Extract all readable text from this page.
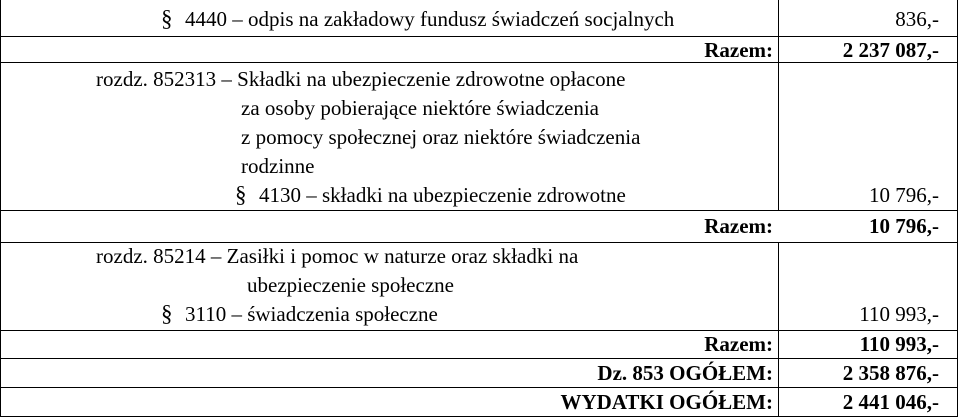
§ 4440 – odpis na zakładowy fundusz świadczeń socjalnych	836,-
Razem:	2 237 087,-
rozdz. 852313 – Składki na ubezpieczenie zdrowotne opłacone
za osoby pobierające niektóre świadczenia
z pomocy społecznej oraz niektóre świadczenia
rodzinne
§ 4130 – składki na ubezpieczenie zdrowotne	10 796,-
Razem:	10 796,-
rozdz. 85214 – Zasiłki i pomoc w naturze oraz składki na
ubezpieczenie społeczne
§ 3110 – świadczenia społeczne	110 993,-
Razem:	110 993,-
Dz. 853 OGÓŁEM:	2 358 876,-
WYDATKI OGÓŁEM:	2 441 046,-
